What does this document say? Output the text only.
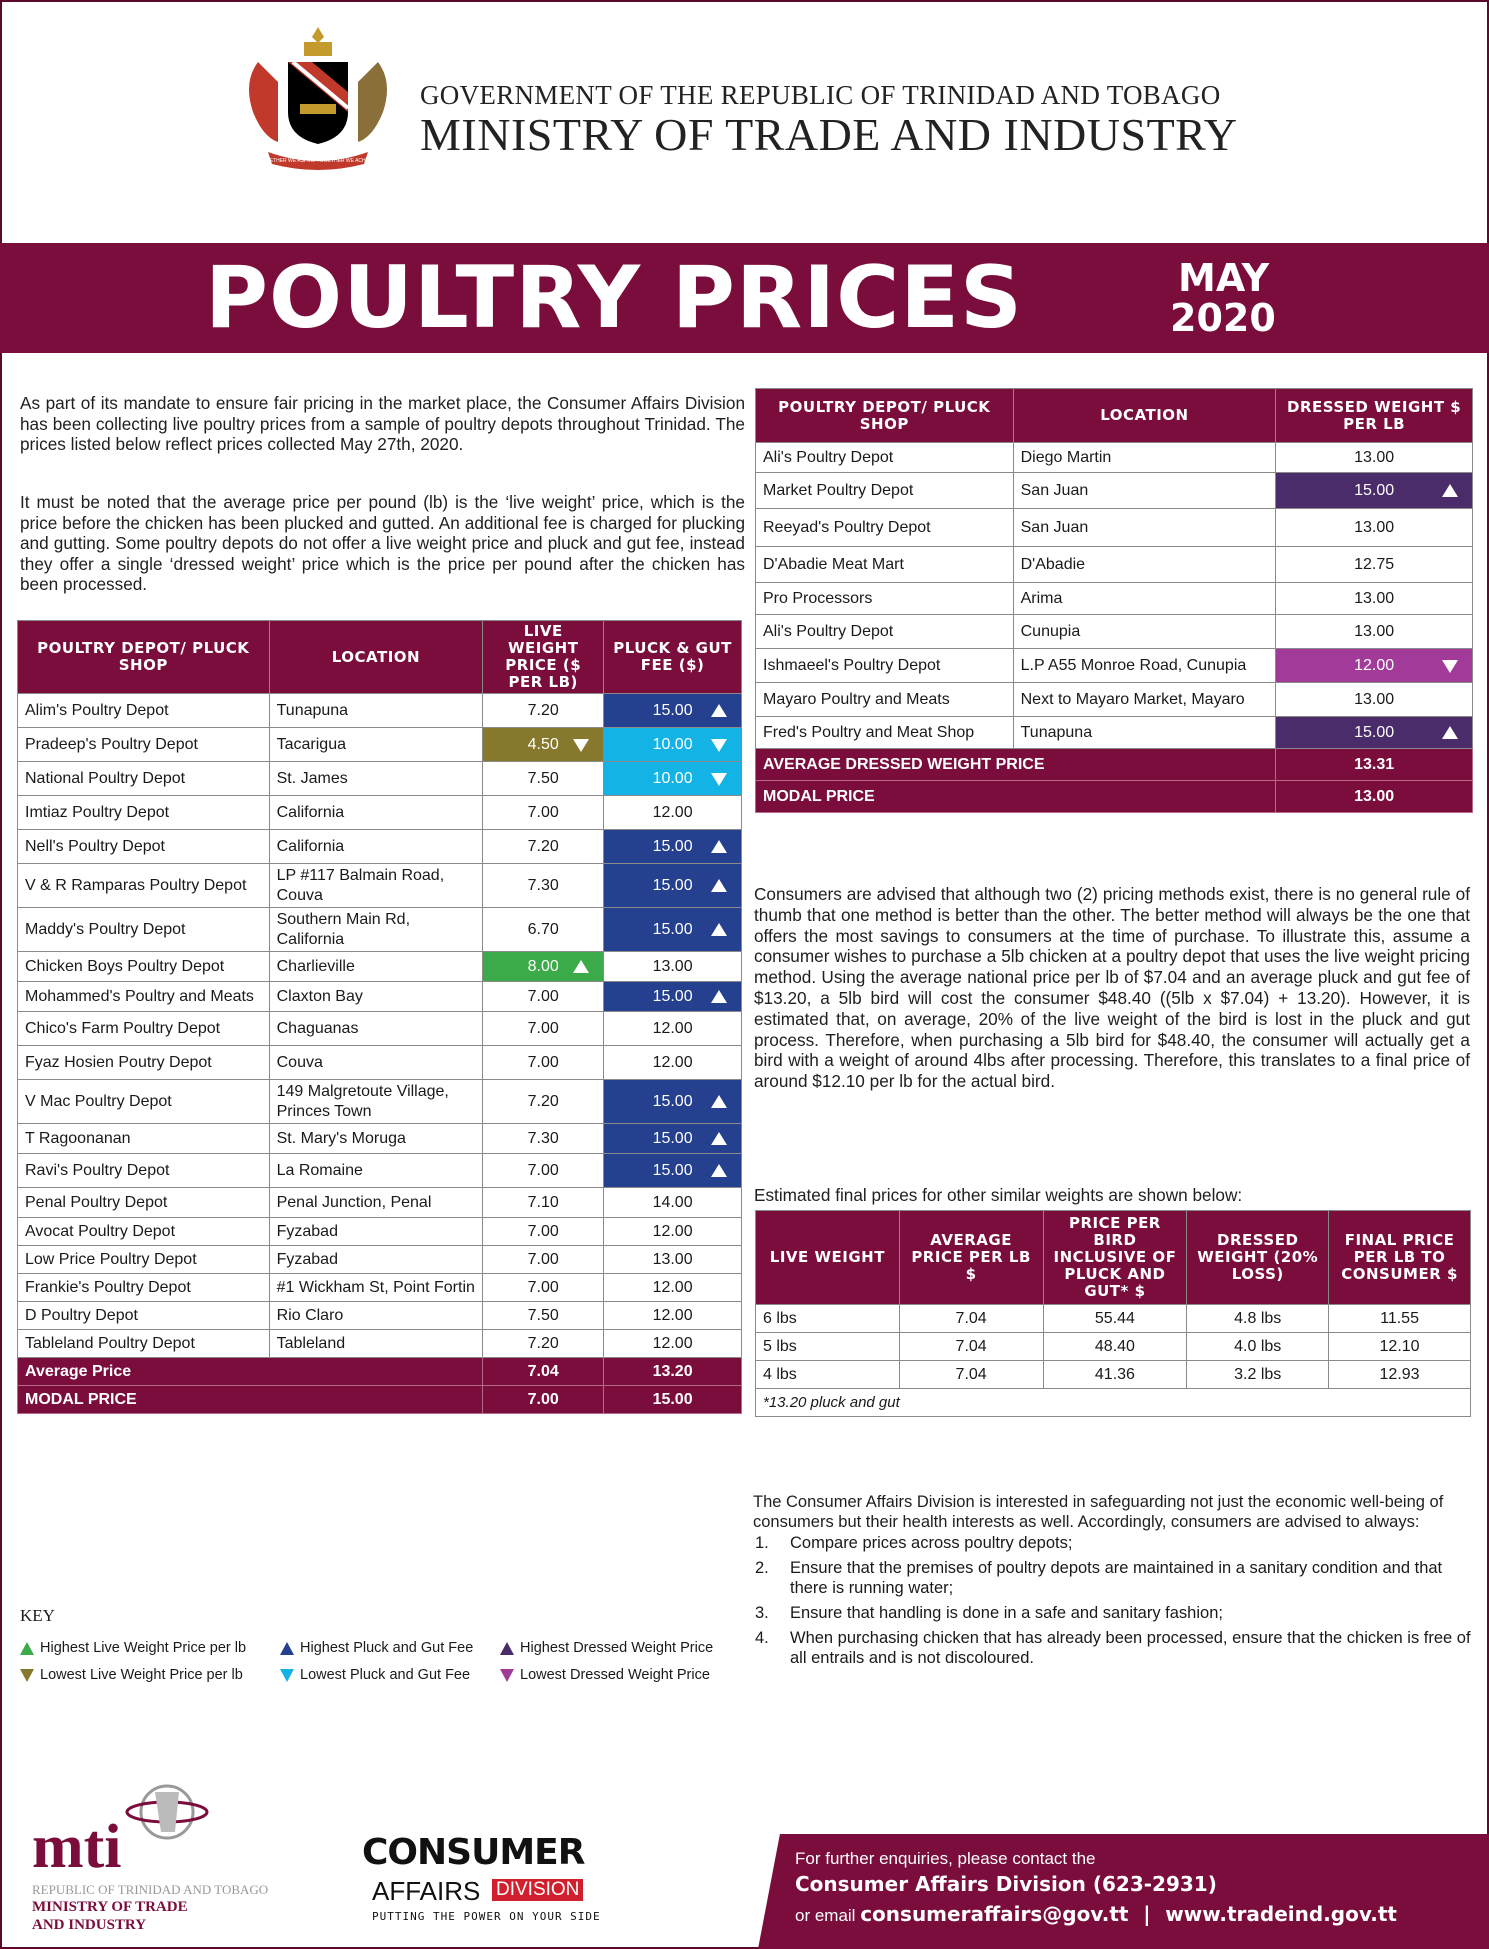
TOGETHER WE ASPIRE TOGETHER WE ACHIEVE
GOVERNMENT OF THE REPUBLIC OF TRINIDAD AND TOBAGO
MINISTRY OF TRADE AND INDUSTRY
POULTRY PRICES	MAY
2020

As part of its mandate to ensure fair pricing in the market place, the Consumer Affairs Division has been collecting live poultry prices from a sample of poultry depots throughout Trinidad. The prices listed below reflect prices collected May 27th, 2020.

It must be noted that the average price per pound (lb) is the ‘live weight’ price, which is the price before the chicken has been plucked and gutted. An additional fee is charged for plucking and gutting. Some poultry depots do not offer a live weight price and pluck and gut fee, instead they offer a single ‘dressed weight’ price which is the price per pound after the chicken has been processed.

POULTRY DEPOT/ PLUCK SHOP	LOCATION	LIVE WEIGHT PRICE ($ PER LB)	PLUCK & GUT FEE ($)
Alim's Poultry Depot	Tunapuna	7.20	15.00

Pradeep's Poultry Depot	Tacarigua	4.50	10.00

National Poultry Depot	St. James	7.50	10.00

Imtiaz Poultry Depot	California	7.00	12.00
Nell's Poultry Depot	California	7.20	15.00

V & R Ramparas Poultry Depot	LP #117 Balmain Road, Couva	7.30	15.00

Maddy's Poultry Depot	Southern Main Rd, California	6.70	15.00

Chicken Boys Poultry Depot	Charlieville	8.00	13.00
Mohammed's Poultry and Meats	Claxton Bay	7.00	15.00

Chico's Farm Poultry Depot	Chaguanas	7.00	12.00
Fyaz Hosien Poutry Depot	Couva	7.00	12.00
V Mac Poultry Depot	149 Malgretoute Village, Princes Town	7.20	15.00

T Ragoonanan	St. Mary's Moruga	7.30	15.00

Ravi's Poultry Depot	La Romaine	7.00	15.00

Penal Poultry Depot	Penal Junction, Penal	7.10	14.00
Avocat Poultry Depot	Fyzabad	7.00	12.00
Low Price Poultry Depot	Fyzabad	7.00	13.00
Frankie's Poultry Depot	#1 Wickham St, Point Fortin	7.00	12.00
D Poultry Depot	Rio Claro	7.50	12.00
Tableland Poultry Depot	Tableland	7.20	12.00
Average Price		7.04	13.20
MODAL PRICE		7.00	15.00
POULTRY DEPOT/ PLUCK SHOP	LOCATION	DRESSED WEIGHT $ PER LB
Ali's Poultry Depot	Diego Martin	13.00
Market Poultry Depot	San Juan	15.00

Reeyad's Poultry Depot	San Juan	13.00
D'Abadie Meat Mart	D'Abadie	12.75
Pro Processors	Arima	13.00
Ali's Poultry Depot	Cunupia	13.00
Ishmaeel's Poultry Depot	L.P A55 Monroe Road, Cunupia	12.00

Mayaro Poultry and Meats	Next to Mayaro Market, Mayaro	13.00
Fred's Poultry and Meat Shop	Tunapuna	15.00

AVERAGE DRESSED WEIGHT PRICE		13.31
MODAL PRICE		13.00

Consumers are advised that although two (2) pricing methods exist, there is no general rule of thumb that one method is better than the other. The better method will always be the one that offers the most savings to consumers at the time of purchase. To illustrate this, assume a consumer wishes to purchase a 5lb chicken at a poultry depot that uses the live weight pricing method. Using the average national price per lb of $7.04 and an average pluck and gut fee of $13.20, a 5lb bird will cost the consumer $48.40 ((5lb x $7.04) + 13.20). However, it is estimated that, on average, 20% of the live weight of the bird is lost in the pluck and gut process. Therefore, when purchasing a 5lb bird for $48.40, the consumer will actually get a bird with a weight of around 4lbs after processing. Therefore, this translates to a final price of around $12.10 per lb for the actual bird.

Estimated final prices for other similar weights are shown below:

LIVE WEIGHT	AVERAGE PRICE PER LB $	PRICE PER BIRD INCLUSIVE OF PLUCK AND GUT* $	DRESSED WEIGHT (20% LOSS)	FINAL PRICE PER LB TO CONSUMER $
6 lbs	7.04	55.44	4.8 lbs	11.55
5 lbs	7.04	48.40	4.0 lbs	12.10
4 lbs	7.04	41.36	3.2 lbs	12.93
*13.20 pluck and gut				

The Consumer Affairs Division is interested in safeguarding not just the economic well-being of consumers but their health interests as well. Accordingly, consumers are advised to always:

1. Compare prices across poultry depots;
2. Ensure that the premises of poultry depots are maintained in a sanitary condition and that there is running water;
3. Ensure that handling is done in a safe and sanitary fashion;
4. When purchasing chicken that has already been processed, ensure that the chicken is free of all entrails and is not discoloured.
KEY
Highest Live Weight Price per lb
Lowest Live Weight Price per lb
Highest Pluck and Gut Fee
Lowest Pluck and Gut Fee
Highest Dressed Weight Price
Lowest Dressed Weight Price
mti
REPUBLIC OF TRINIDAD AND TOBAGO
MINISTRY OF TRADE
AND INDUSTRY
CONSUMER
AFFAIRS DIVISION
PUTTING THE POWER ON YOUR SIDE
For further enquiries, please contact the
Consumer Affairs Division (623-2931)
or email consumeraffairs@gov.tt | www.tradeind.gov.tt
